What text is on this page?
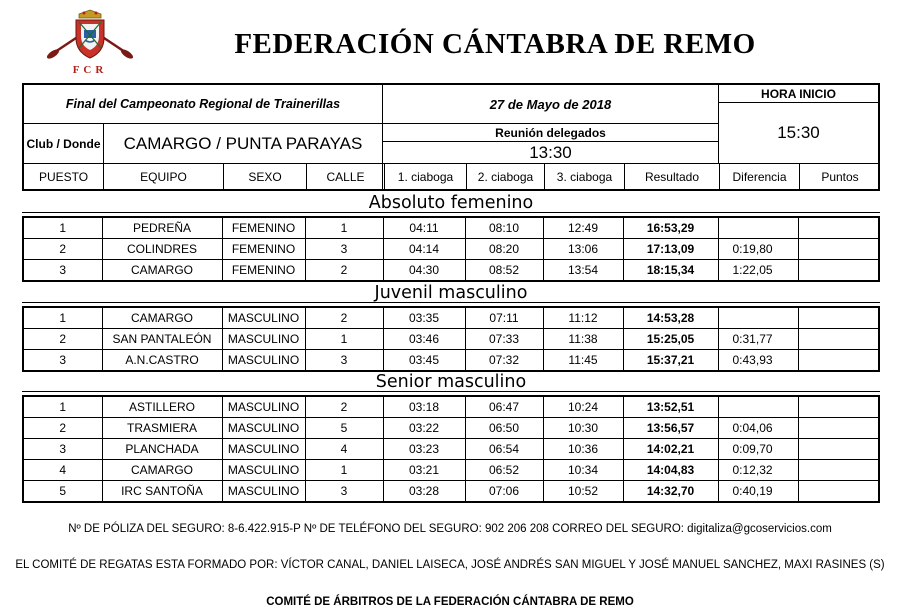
FCR
FEDERACIÓN CÁNTABRA DE REMO
Final del Campeonato Regional de Trainerillas	27 de Mayo de 2018
HORA INICIO
15:30
Club / Donde	CAMARGO / PUNTA PARAYAS
Reunión delegados
13:30
PUESTO	EQUIPO	SEXO	CALLE	1. ciaboga	2. ciaboga	3. ciaboga	Resultado	Diferencia	Puntos
Absoluto femenino
1	PEDREÑA	FEMENINO	1	04:11	08:10	12:49	16:53,29		
2	COLINDRES	FEMENINO	3	04:14	08:20	13:06	17:13,09	0:19,80	
3	CAMARGO	FEMENINO	2	04:30	08:52	13:54	18:15,34	1:22,05	
Juvenil masculino
1	CAMARGO	MASCULINO	2	03:35	07:11	11:12	14:53,28		
2	SAN PANTALEÓN	MASCULINO	1	03:46	07:33	11:38	15:25,05	0:31,77	
3	A.N.CASTRO	MASCULINO	3	03:45	07:32	11:45	15:37,21	0:43,93	
Senior masculino
1	ASTILLERO	MASCULINO	2	03:18	06:47	10:24	13:52,51		
2	TRASMIERA	MASCULINO	5	03:22	06:50	10:30	13:56,57	0:04,06	
3	PLANCHADA	MASCULINO	4	03:23	06:54	10:36	14:02,21	0:09,70	
4	CAMARGO	MASCULINO	1	03:21	06:52	10:34	14:04,83	0:12,32	
5	IRC SANTOÑA	MASCULINO	3	03:28	07:06	10:52	14:32,70	0:40,19	
Nº DE PÓLIZA DEL SEGURO: 8-6.422.915-P Nº DE TELÉFONO DEL SEGURO: 902 206 208 CORREO DEL SEGURO: digitaliza@gcoservicios.com
EL COMITÉ DE REGATAS ESTA FORMADO POR: VÍCTOR CANAL, DANIEL LAISECA, JOSÉ ANDRÉS SAN MIGUEL Y JOSÉ MANUEL SANCHEZ, MAXI RASINES (S)
COMITÉ DE ÁRBITROS DE LA FEDERACIÓN CÁNTABRA DE REMO
